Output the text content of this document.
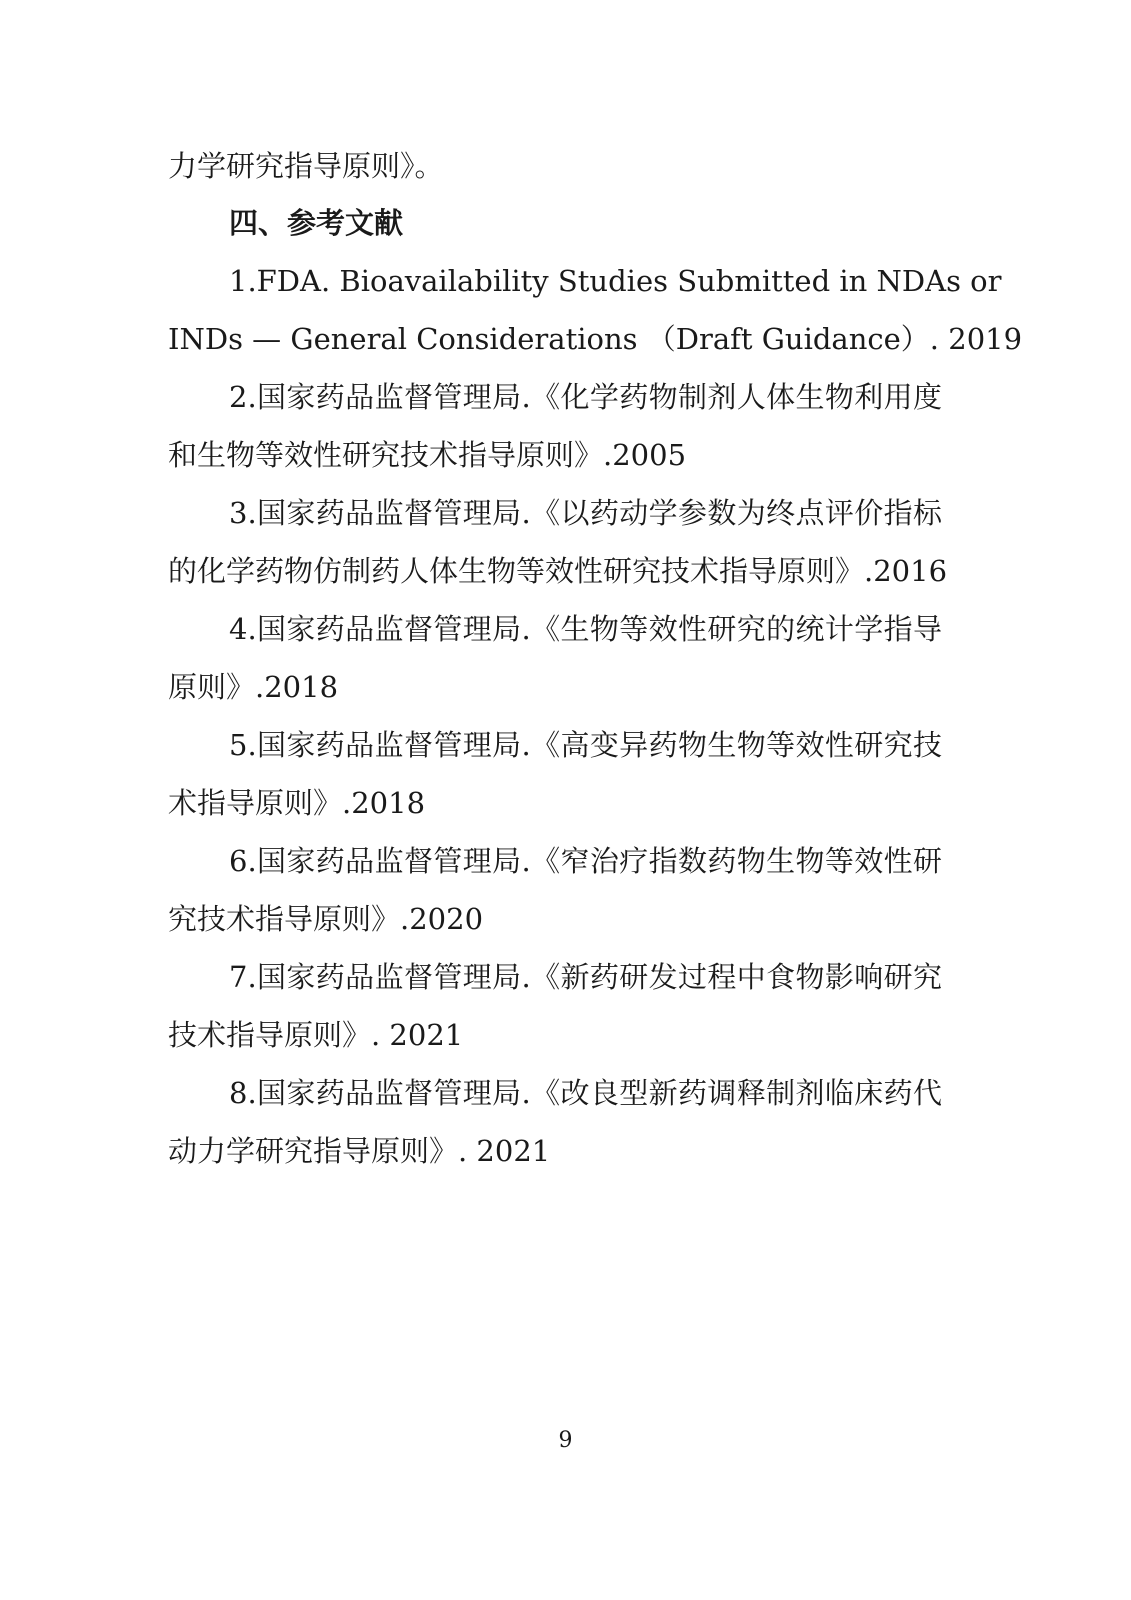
力学研究指导原则》。
四、参考文献
1.FDA. Bioavailability Studies Submitted in NDAs or
INDs — General Considerations （Draft Guidance）. 2019
2.国家药品监督管理局.《化学药物制剂人体生物利用度
和生物等效性研究技术指导原则》.2005
3.国家药品监督管理局.《以药动学参数为终点评价指标
的化学药物仿制药人体生物等效性研究技术指导原则》.2016
4.国家药品监督管理局.《生物等效性研究的统计学指导
原则》.2018
5.国家药品监督管理局.《高变异药物生物等效性研究技
术指导原则》.2018
6.国家药品监督管理局.《窄治疗指数药物生物等效性研
究技术指导原则》.2020
7.国家药品监督管理局.《新药研发过程中食物影响研究
技术指导原则》. 2021
8.国家药品监督管理局.《改良型新药调释制剂临床药代
动力学研究指导原则》. 2021
9
